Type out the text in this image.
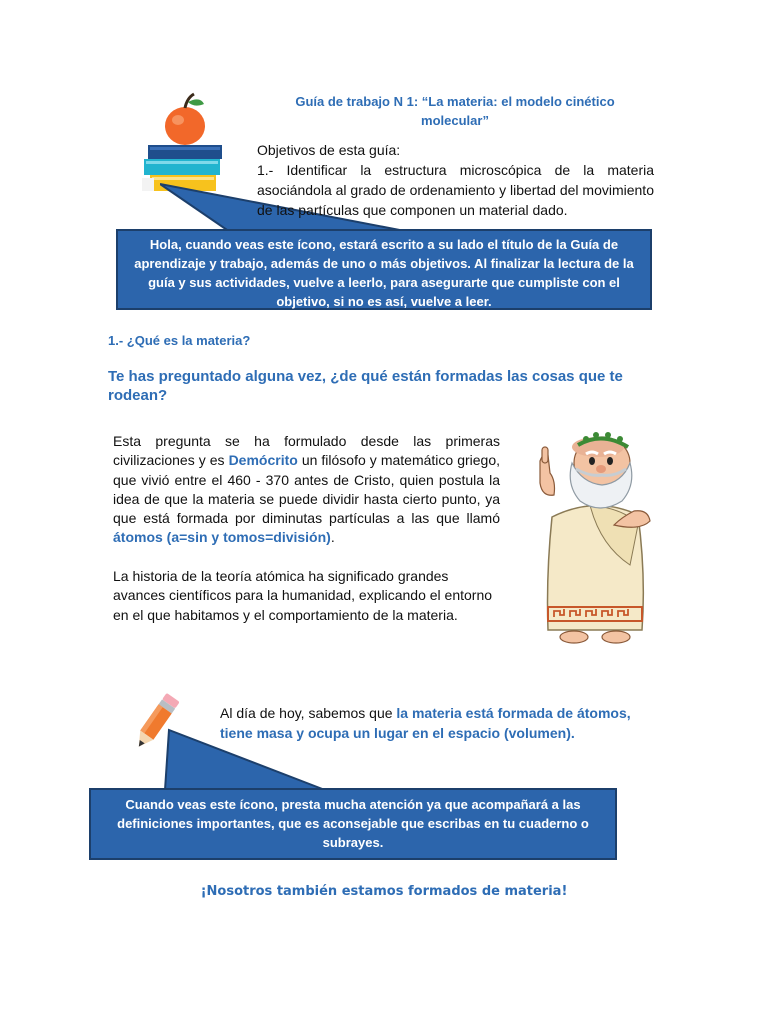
Guía de trabajo N 1: “La materia: el modelo cinético
molecular”
Objetivos de esta guía:
1.- Identificar la estructura microscópica de la materia asociándola al grado de ordenamiento y libertad del movimiento de las partículas que componen un material dado.
Hola, cuando veas este ícono, estará escrito a su lado el título de la Guía de aprendizaje y trabajo, además de uno o más objetivos. Al finalizar la lectura de la guía y sus actividades, vuelve a leerlo, para asegurarte que cumpliste con el objetivo, si no es así, vuelve a leer.
1.- ¿Qué es la materia?
Te has preguntado alguna vez, ¿de qué están formadas las cosas que te rodean?
Esta pregunta se ha formulado desde las primeras civilizaciones y es Demócrito un filósofo y matemático griego, que vivió entre el 460 - 370 antes de Cristo, quien postula la idea de que la materia se puede dividir hasta cierto punto, ya que está formada por diminutas partículas a las que llamó átomos (a=sin y tomos=división).
La historia de la teoría atómica ha significado grandes avances científicos para la humanidad, explicando el entorno en el que habitamos y el comportamiento de la materia.
Al día de hoy, sabemos que la materia está formada de átomos, tiene masa y ocupa un lugar en el espacio (volumen).
Cuando veas este ícono, presta mucha atención ya que acompañará a las definiciones importantes, que es aconsejable que escribas en tu cuaderno o subrayes.
¡Nosotros también estamos formados de materia!
